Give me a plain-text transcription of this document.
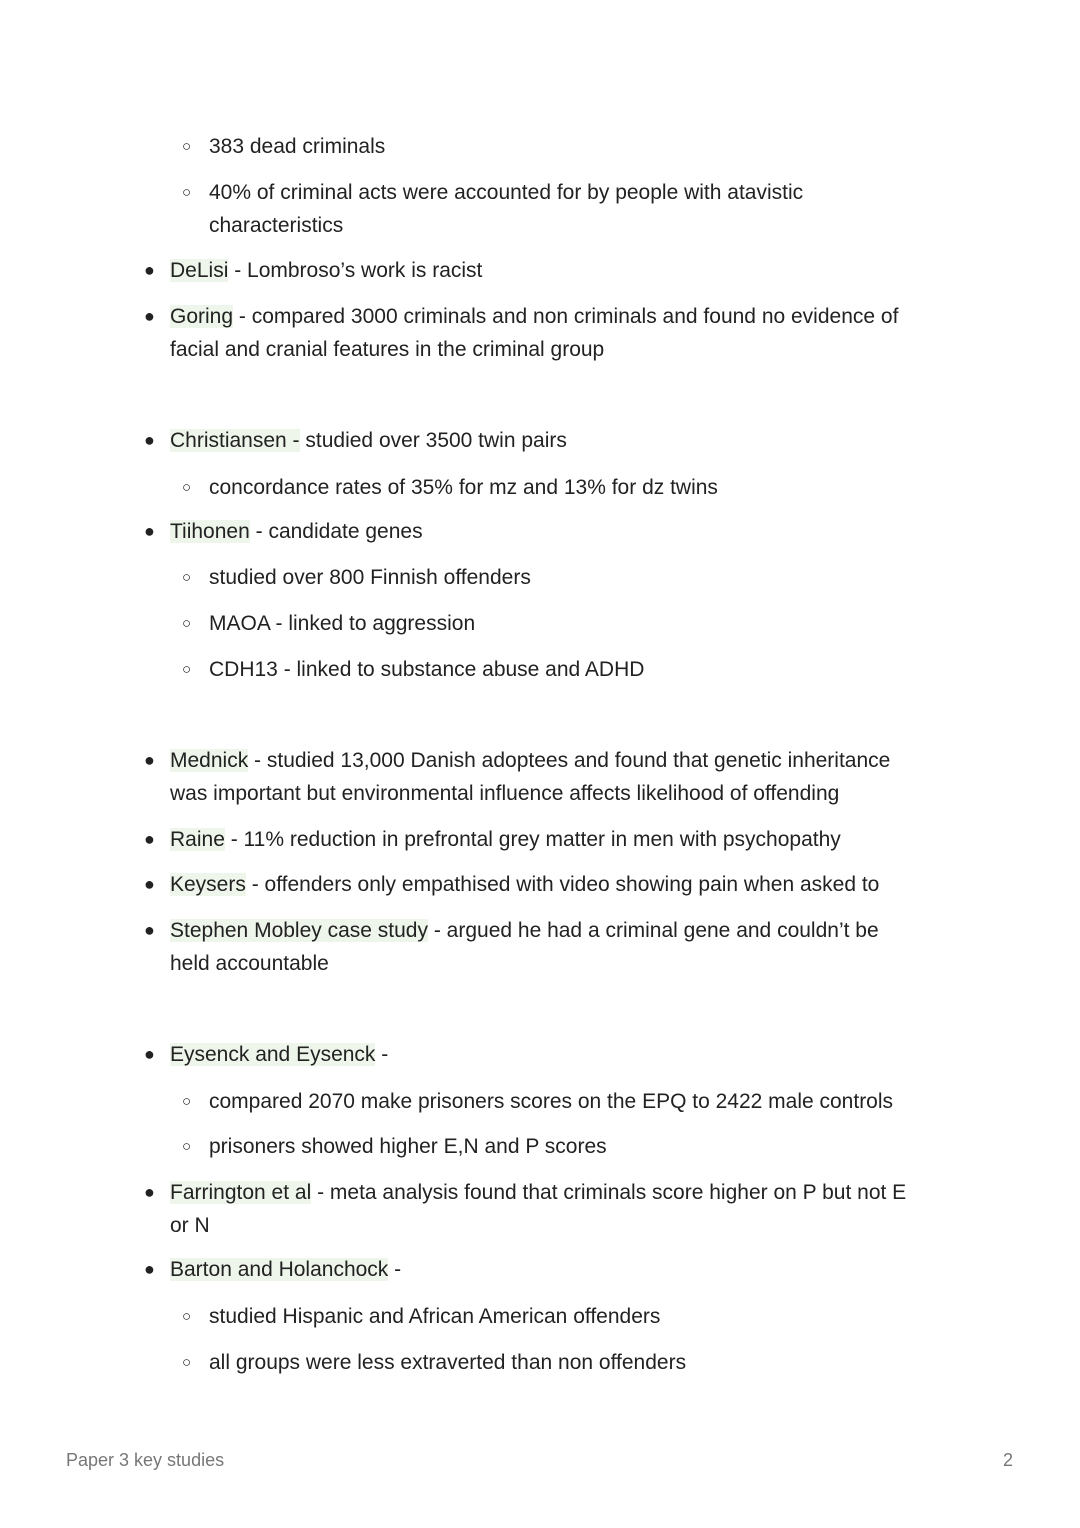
○ 383 dead criminals
○ 40% of criminal acts were accounted for by people with atavistic
characteristics
● DeLisi - Lombroso’s work is racist
● Goring - compared 3000 criminals and non criminals and found no evidence of
facial and cranial features in the criminal group
● Christiansen - studied over 3500 twin pairs
○ concordance rates of 35% for mz and 13% for dz twins
● Tiihonen - candidate genes
○ studied over 800 Finnish offenders
○ MAOA - linked to aggression
○ CDH13 - linked to substance abuse and ADHD
● Mednick - studied 13,000 Danish adoptees and found that genetic inheritance
was important but environmental influence affects likelihood of offending
● Raine - 11% reduction in prefrontal grey matter in men with psychopathy
● Keysers - offenders only empathised with video showing pain when asked to
● Stephen Mobley case study - argued he had a criminal gene and couldn’t be
held accountable
● Eysenck and Eysenck -
○ compared 2070 make prisoners scores on the EPQ to 2422 male controls
○ prisoners showed higher E,N and P scores
● Farrington et al - meta analysis found that criminals score higher on P but not E
or N
● Barton and Holanchock -
○ studied Hispanic and African American offenders
○ all groups were less extraverted than non offenders
Paper 3 key studies	2
